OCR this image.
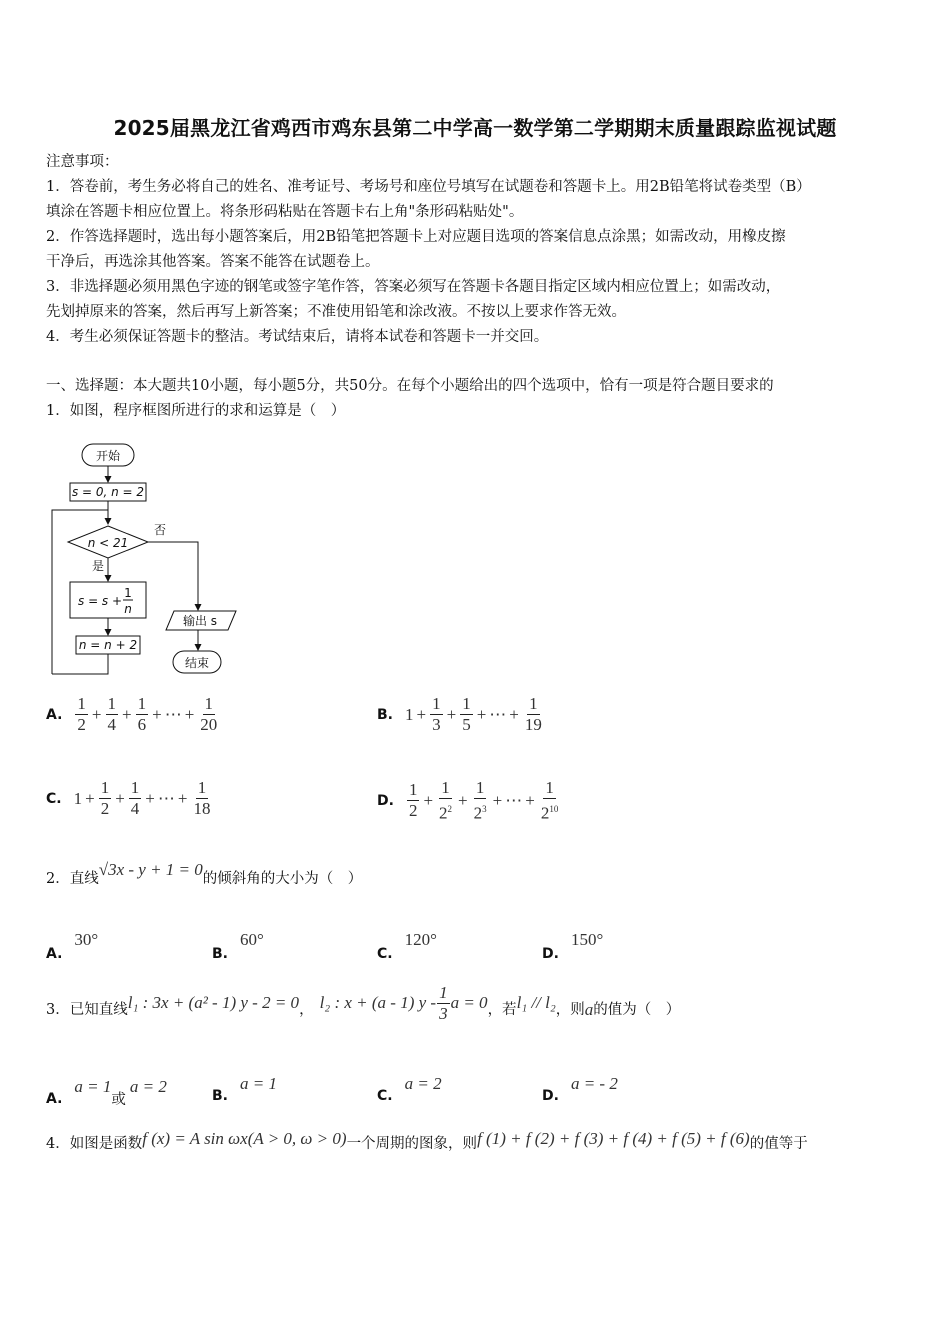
2025届黑龙江省鸡西市鸡东县第二中学高一数学第二学期期末质量跟踪监视试题
注意事项：
1．答卷前，考生务必将自己的姓名、准考证号、考场号和座位号填写在试题卷和答题卡上。用2B铅笔将试卷类型（B）
填涂在答题卡相应位置上。将条形码粘贴在答题卡右上角"条形码粘贴处"。
2．作答选择题时，选出每小题答案后，用2B铅笔把答题卡上对应题目选项的答案信息点涂黑；如需改动，用橡皮擦
干净后，再选涂其他答案。答案不能答在试题卷上。
3．非选择题必须用黑色字迹的钢笔或签字笔作答，答案必须写在答题卡各题目指定区域内相应位置上；如需改动，
先划掉原来的答案，然后再写上新答案；不准使用铅笔和涂改液。不按以上要求作答无效。
4．考生必须保证答题卡的整洁。考试结束后，请将本试卷和答题卡一并交回。
一、选择题：本大题共10小题，每小题5分，共50分。在每个小题给出的四个选项中，恰有一项是符合题目要求的
1．如图，程序框图所进行的求和运算是（　）
开始
s = 0, n = 2
n < 21
否
是
s = s +
1
n
n = n + 2
输出 s
结束
A. $\frac{1}{2} + \frac{1}{4} + \frac{1}{6}$ + ⋯ + $\frac{1}{20}$	B. $1 + \frac{1}{3} + \frac{1}{5}$ + ⋯ + $\frac{1}{19}$
C. $1 + \frac{1}{2} + \frac{1}{4}$ + ⋯ + $\frac{1}{18}$	D. $\frac{1}{2} + \frac{1}{2^2} + \frac{1}{2^3}$ + ⋯ + $\frac{1}{2^{10}}$
2．直线√3x - y + 1 = 0的倾斜角的大小为（　）
A.
30°
B.
60°
C.
120°
D.
150°
3．已知直线 l₁ : 3x + (a² - 1) y - 2 = 0 ， l₂ : x + (a - 1) y - $\frac{1}{3}$ a = 0 ，若 l₁ // l₂ ，则 a 的值为（　）
A.
a = 1
或
a = 2
B.
a = 1
C.
a = 2
D.
a = - 2
4．如图是函数 f (x) = A sin ωx(A > 0, ω > 0) 一个周期的图象，则 f (1) + f (2) + f (3) + f (4) + f (5) + f (6) 的值等于
